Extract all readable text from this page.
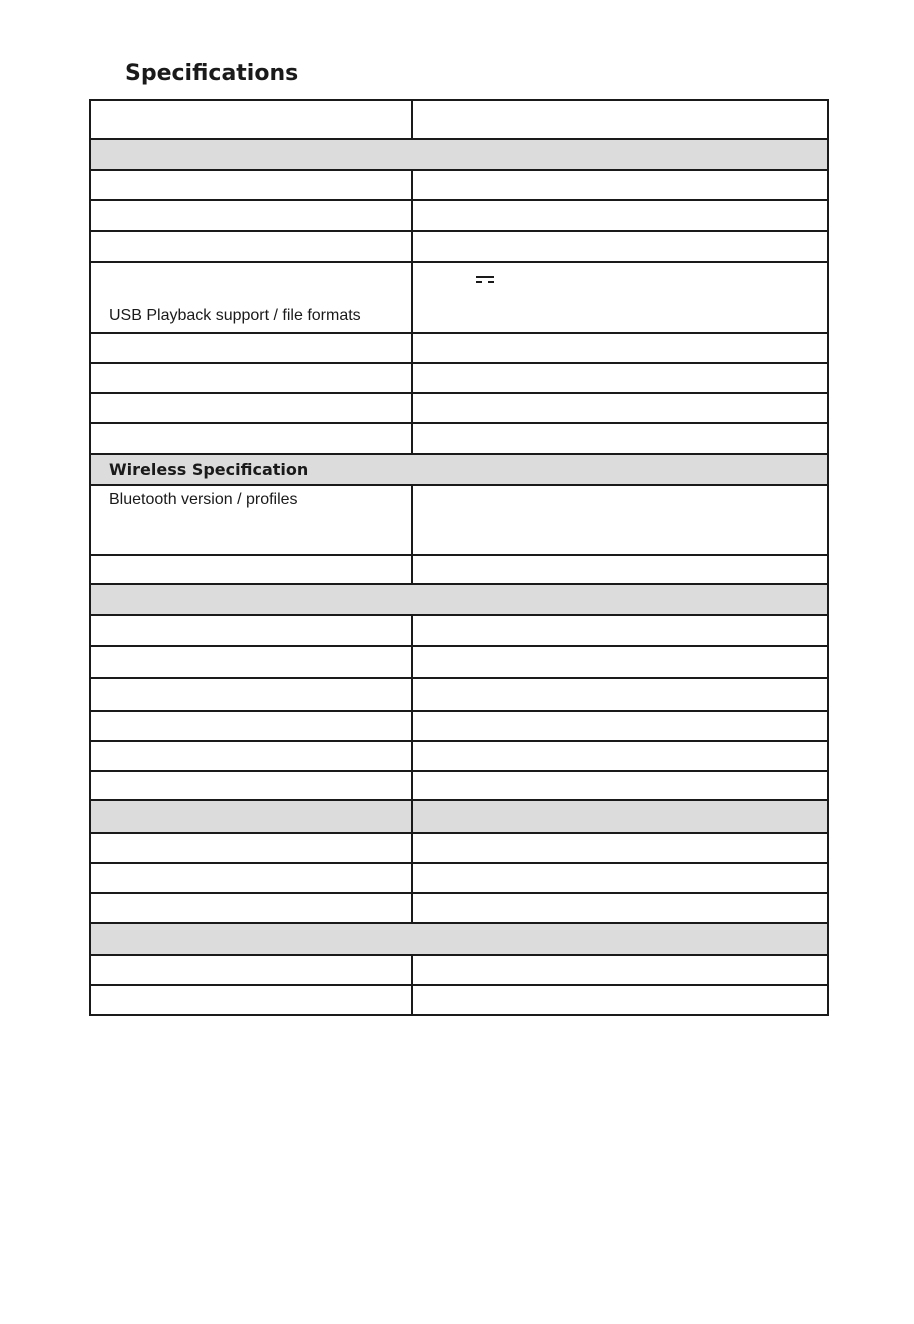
Specifications

USB Playback support / file formats	

Wireless Specification	
Bluetooth version / profiles	
